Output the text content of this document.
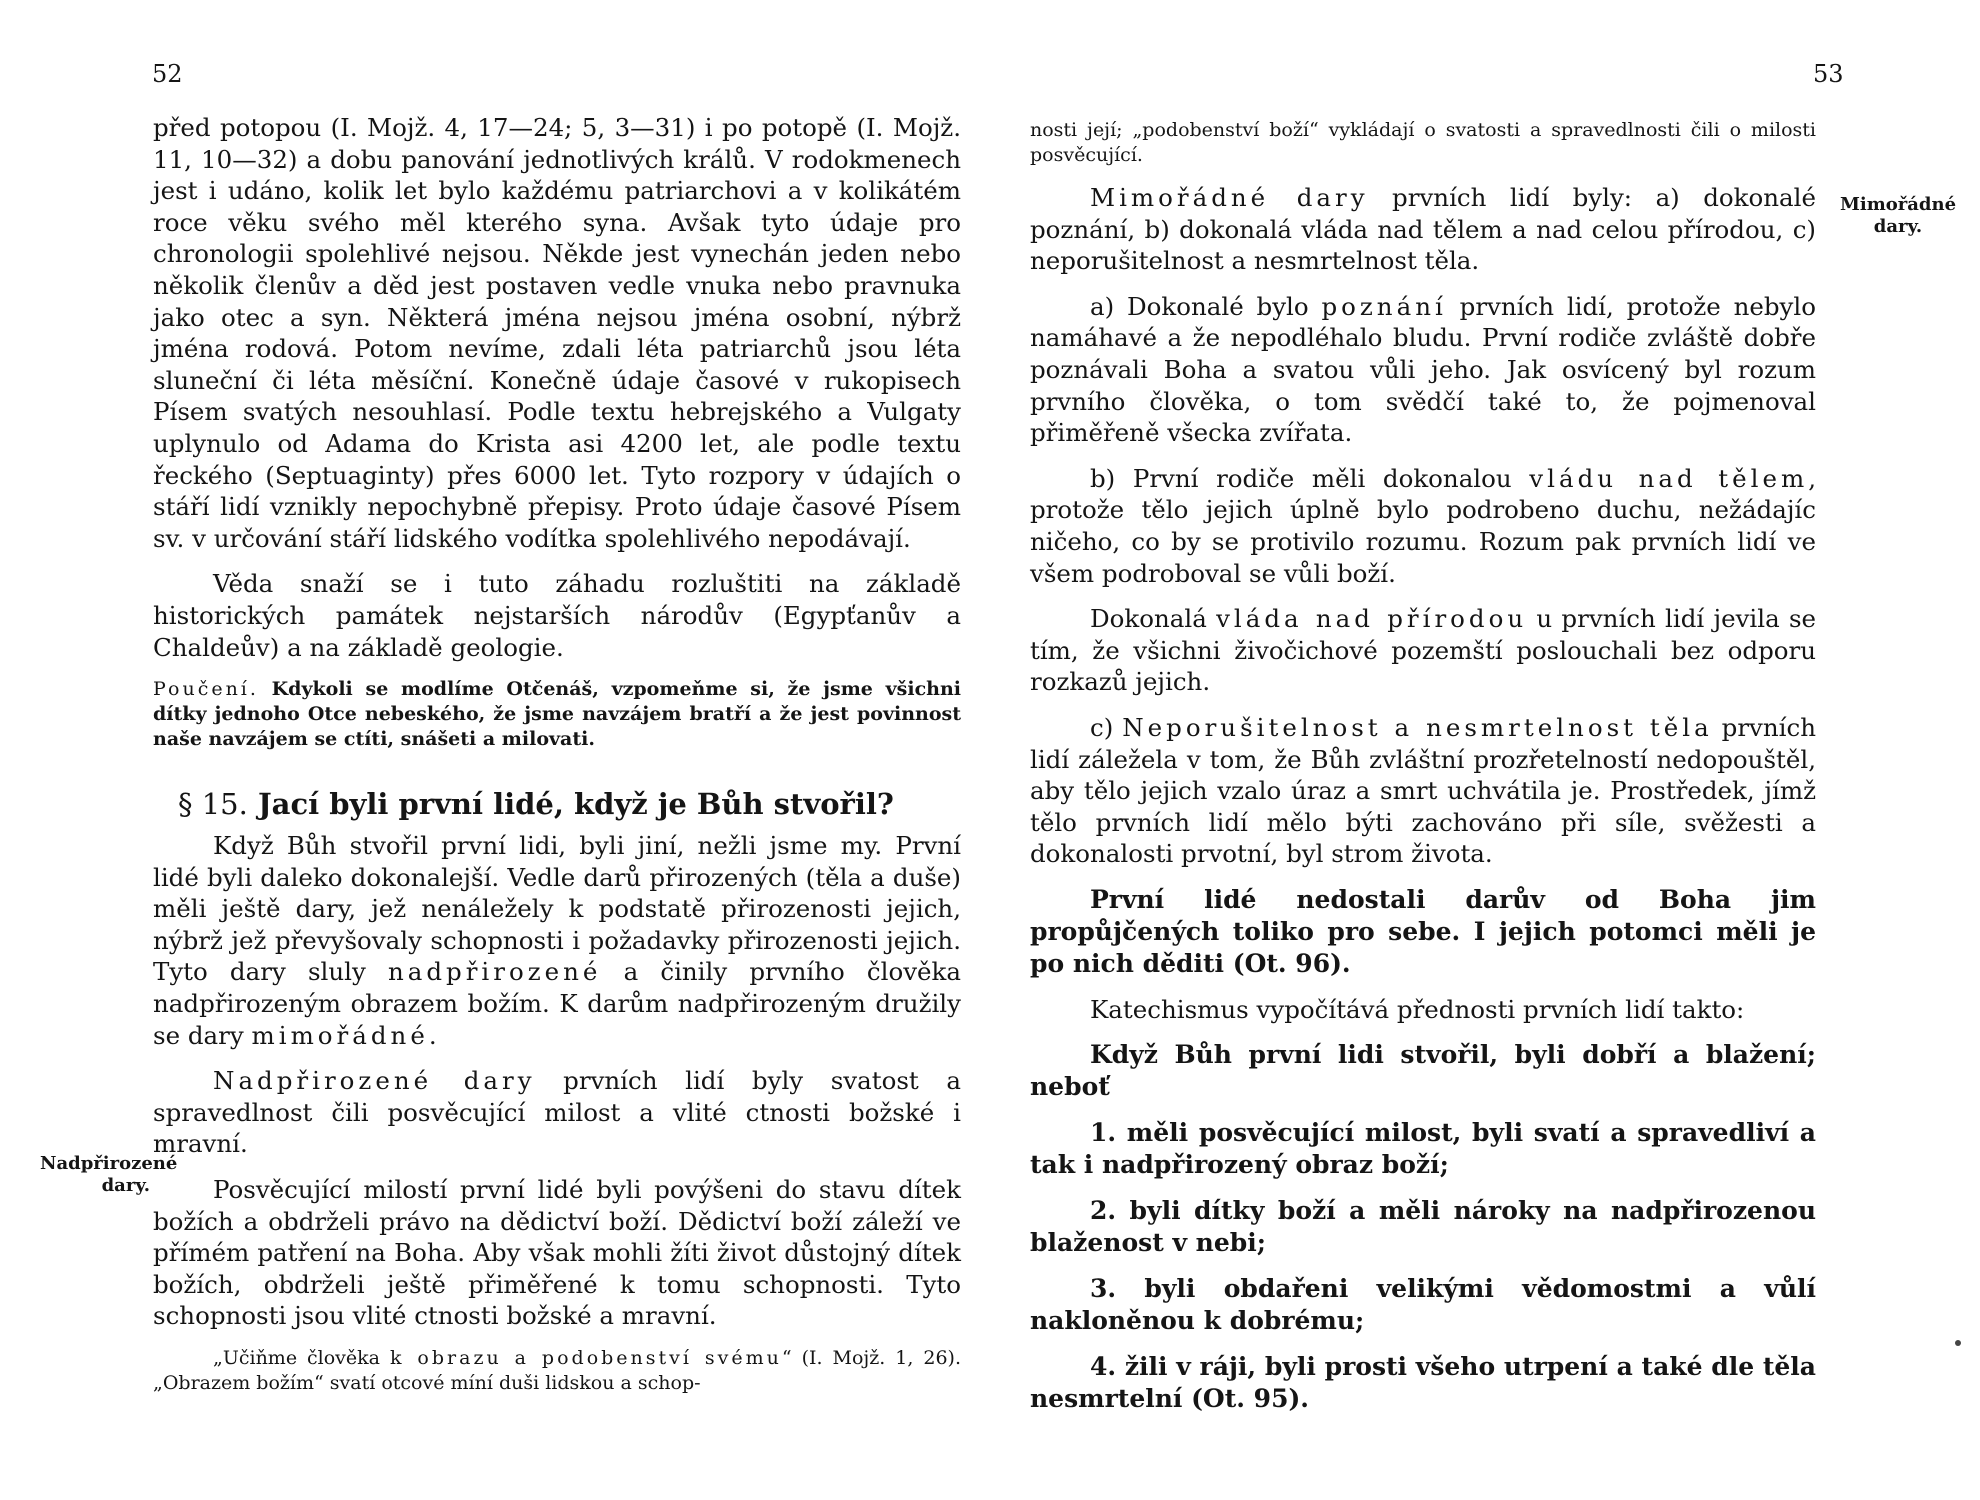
52

před potopou (I. Mojž. 4, 17—24; 5, 3—31) i po potopě (I. Mojž. 11, 10—32) a dobu panování jednotlivých králů. V rodokmenech jest i udáno, kolik let bylo každému patriarchovi a v kolikátém roce věku svého měl kterého syna. Avšak tyto údaje pro chronologii spolehlivé nejsou. Někde jest vynechán jeden nebo několik členův a děd jest postaven vedle vnuka nebo pravnuka jako otec a syn. Některá jména nejsou jména osobní, nýbrž jména rodová. Potom nevíme, zdali léta patriarchů jsou léta sluneční či léta měsíční. Konečně údaje časové v rukopisech Písem svatých nesouhlasí. Podle textu hebrejského a Vulgaty uplynulo od Adama do Krista asi 4200 let, ale podle textu řeckého (Septuaginty) přes 6000 let. Tyto rozpory v údajích o stáří lidí vznikly nepochybně přepisy. Proto údaje časové Písem sv. v určování stáří lidského vodítka spolehlivého nepodávají.

Věda snaží se i tuto záhadu rozluštiti na základě historických památek nejstarších národův (Egypťanův a Chaldeův) a na základě geologie.

Poučení. Kdykoli se modlíme Otčenáš, vzpomeňme si, že jsme všichni dítky jednoho Otce nebeského, že jsme navzájem bratří a že jest povinnost naše navzájem se ctíti, snášeti a milovati.

§ 15. Jací byli první lidé, když je Bůh stvořil?

Když Bůh stvořil první lidi, byli jiní, nežli jsme my. První lidé byli daleko dokonalejší. Vedle darů přirozených (těla a duše) měli ještě dary, jež nenáležely k podstatě přirozenosti jejich, nýbrž jež převyšovaly schopnosti i požadavky přirozenosti jejich. Tyto dary sluly nadpřirozené a činily prvního člověka nadpřirozeným obrazem božím. K darům nadpřirozeným družily se dary mimořádné.

Nadpřirozené dary prvních lidí byly svatost a spravedlnost čili posvěcující milost a vlité ctnosti božské i mravní.

Posvěcující milostí první lidé byli povýšeni do stavu dítek božích a obdrželi právo na dědictví boží. Dědictví boží záleží ve přímém patření na Boha. Aby však mohli žíti život důstojný dítek božích, obdrželi ještě přiměřené k tomu schopnosti. Tyto schopnosti jsou vlité ctnosti božské a mravní.

„Učiňme člověka k obrazu a podobenství svému“ (I. Mojž. 1, 26). „Obrazem božím“ svatí otcové míní duši lidskou a schop-

Nadpřirozené dary.
53

nosti její; „podobenství boží“ vykládají o svatosti a spravedlnosti čili o milosti posvěcující.

Mimořádné dary prvních lidí byly: a) dokonalé poznání, b) dokonalá vláda nad tělem a nad celou přírodou, c) neporušitelnost a nesmrtelnost těla.

a) Dokonalé bylo poznání prvních lidí, protože nebylo namáhavé a že nepodléhalo bludu. První rodiče zvláště dobře poznávali Boha a svatou vůli jeho. Jak osvícený byl rozum prvního člověka, o tom svědčí také to, že pojmenoval přiměřeně všecka zvířata.

b) První rodiče měli dokonalou vládu nad tělem, protože tělo jejich úplně bylo podrobeno duchu, nežádajíc ničeho, co by se protivilo rozumu. Rozum pak prvních lidí ve všem podroboval se vůli boží.

Dokonalá vláda nad přírodou u prvních lidí jevila se tím, že všichni živočichové pozemští poslouchali bez odporu rozkazů jejich.

c) Neporušitelnost a nesmrtelnost těla prvních lidí záležela v tom, že Bůh zvláštní prozřetelností nedopouštěl, aby tělo jejich vzalo úraz a smrt uchvátila je. Prostředek, jímž tělo prvních lidí mělo býti zachováno při síle, svěžesti a dokonalosti prvotní, byl strom života.

První lidé nedostali darův od Boha jim propůjčených toliko pro sebe. I jejich potomci měli je po nich děditi (Ot. 96).

Katechismus vypočítává přednosti prvních lidí takto:

Když Bůh první lidi stvořil, byli dobří a blažení; neboť

1. měli posvěcující milost, byli svatí a spravedliví a tak i nadpřirozený obraz boží;

2. byli dítky boží a měli nároky na nadpřirozenou blaženost v nebi;

3. byli obdařeni velikými vědomostmi a vůlí nakloněnou k dobrému;

4. žili v ráji, byli prosti všeho utrpení a také dle těla nesmrtelní (Ot. 95).

Mimořádné dary.
